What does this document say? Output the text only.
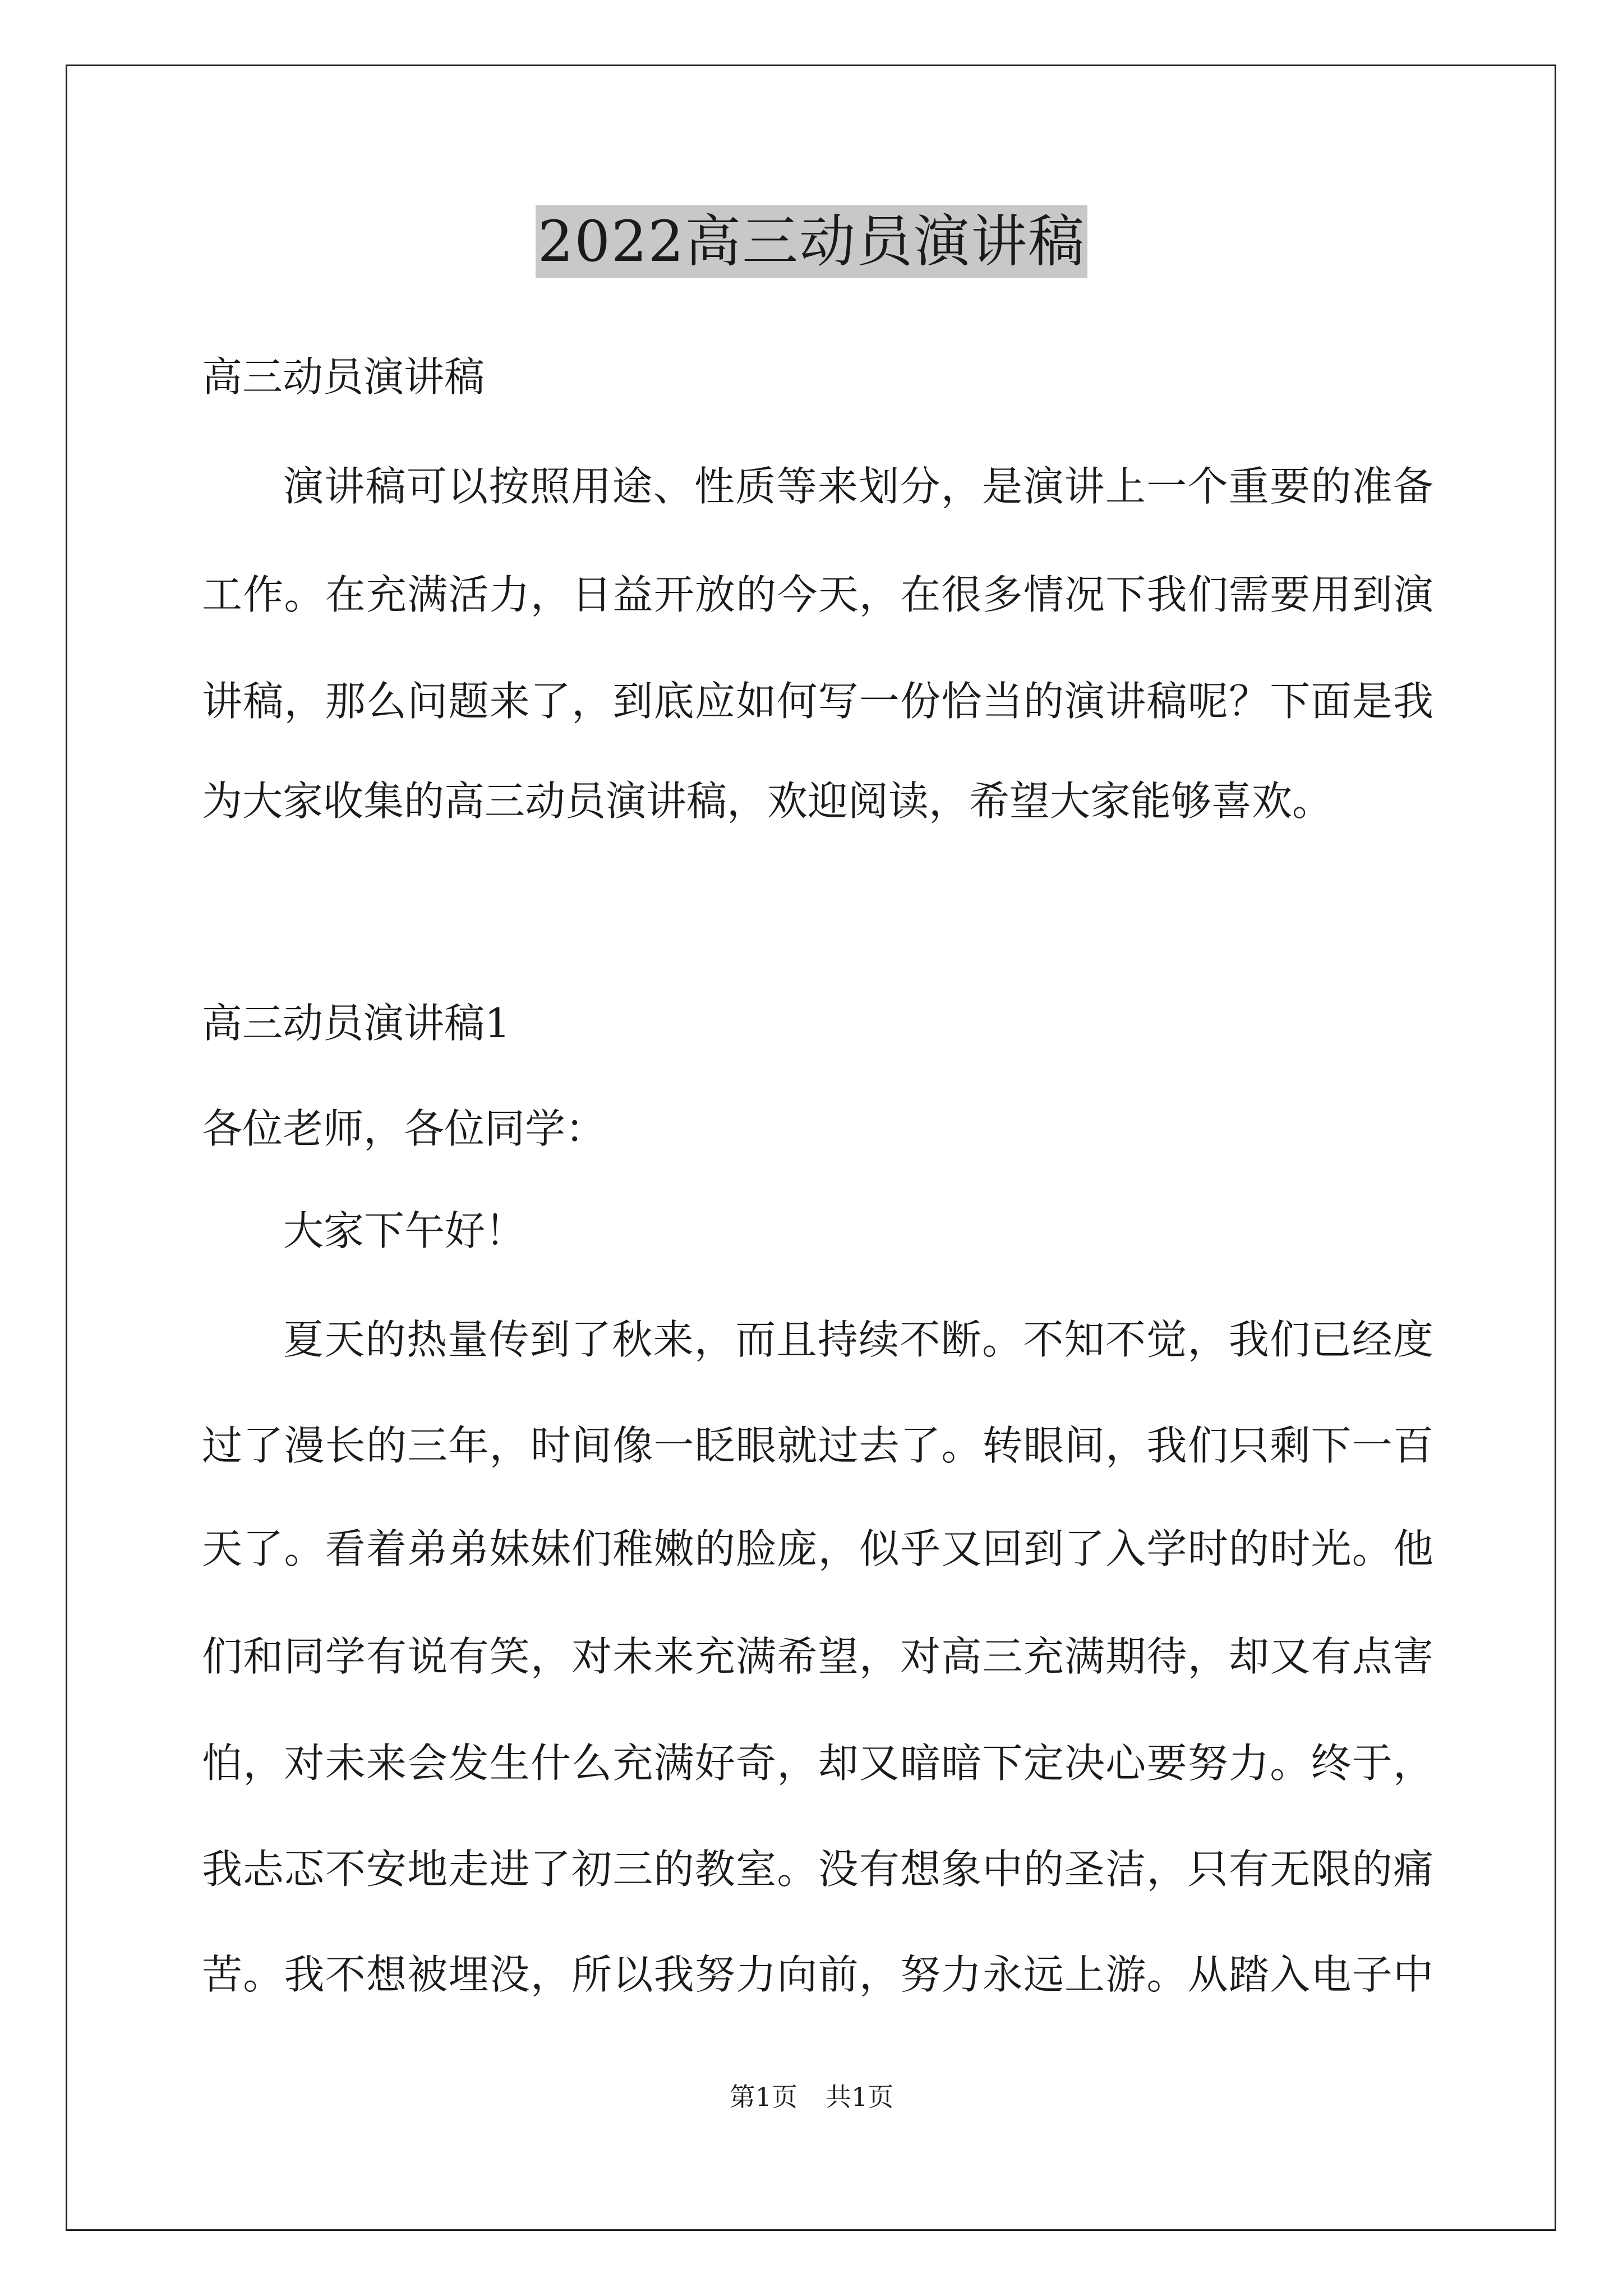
2022高三动员演讲稿
高三动员演讲稿
演讲稿可以按照用途、性质等来划分，是演讲上一个重要的准备
工作。在充满活力，日益开放的今天，在很多情况下我们需要用到演
讲稿，那么问题来了，到底应如何写一份恰当的演讲稿呢？下面是我
为大家收集的高三动员演讲稿，欢迎阅读，希望大家能够喜欢。
高三动员演讲稿1
各位老师，各位同学：
大家下午好！
夏天的热量传到了秋来，而且持续不断。不知不觉，我们已经度
过了漫长的三年，时间像一眨眼就过去了。转眼间，我们只剩下一百
天了。看着弟弟妹妹们稚嫩的脸庞，似乎又回到了入学时的时光。他
们和同学有说有笑，对未来充满希望，对高三充满期待，却又有点害
怕，对未来会发生什么充满好奇，却又暗暗下定决心要努力。终于，
我忐忑不安地走进了初三的教室。没有想象中的圣洁，只有无限的痛
苦。我不想被埋没，所以我努力向前，努力永远上游。从踏入电子中
第1页 共1页
